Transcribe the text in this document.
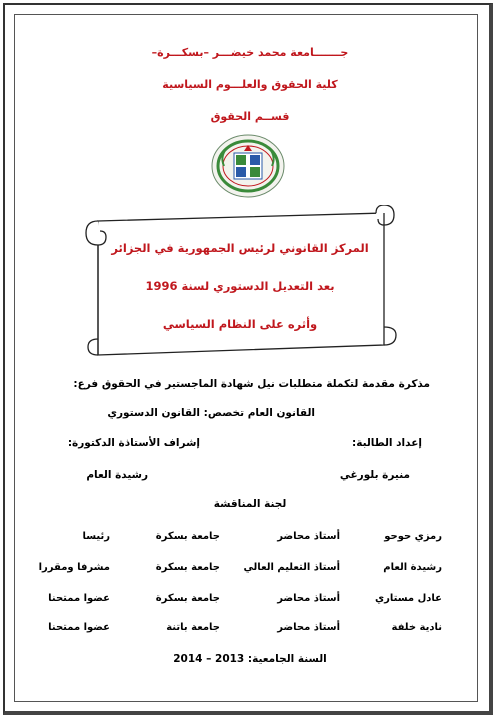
جـــــــامعة محمد خيضـــر –بسكـــرة–
كلية الحقوق والعلـــوم السياسية
قســم الحقوق
المركز القانوني لرئيس الجمهورية في الجزائر
بعد التعديل الدستوري لسنة 1996
وأثره على النظام السياسي
مذكرة مقدمة لتكملة متطلبات نيل شهادة الماجستير في الحقوق فرع:
القانون العام تخصص: القانون الدستوري
إعداد الطالبة:
إشراف الأستاذة الدكتورة:
منيرة بلورغي
رشيدة العام
لجنة المناقشة
رمزي حوحو
أستاذ محاضر
جامعة بسكرة
رئيسا
رشيدة العام
أستاذ التعليم العالي
جامعة بسكرة
مشرفا ومقررا
عادل مستاري
أستاذ محاضر
جامعة بسكرة
عضوا ممتحنا
نادية خلفة
أستاذ محاضر
جامعة باتنة
عضوا ممتحنا
السنة الجامعية: 2013 – 2014
